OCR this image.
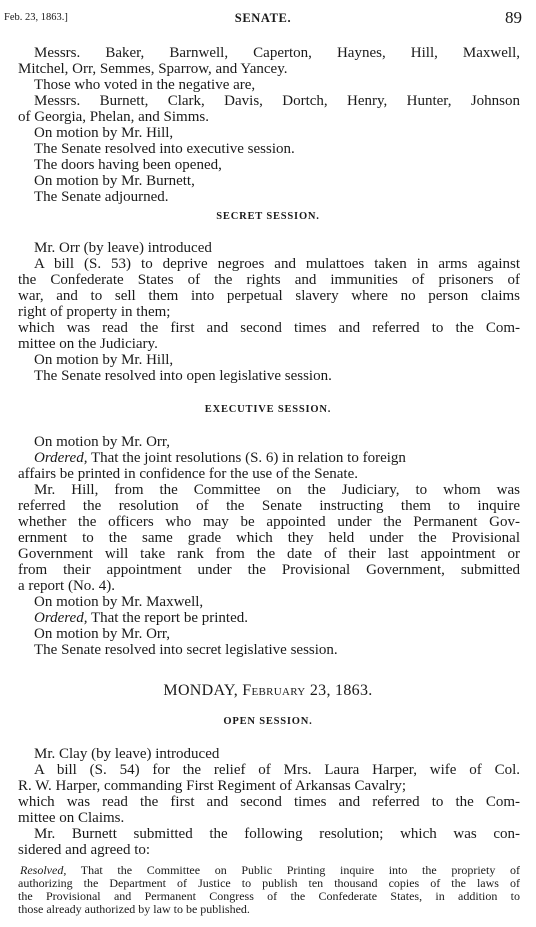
Feb. 23, 1863.]	SENATE.	89
Messrs. Baker, Barnwell, Caperton, Haynes, Hill, Maxwell,
Mitchel, Orr, Semmes, Sparrow, and Yancey.
Those who voted in the negative are,
Messrs. Burnett, Clark, Davis, Dortch, Henry, Hunter, Johnson
of Georgia, Phelan, and Simms.
On motion by Mr. Hill,
The Senate resolved into executive session.
The doors having been opened,
On motion by Mr. Burnett,
The Senate adjourned.
SECRET SESSION.
Mr. Orr (by leave) introduced
A bill (S. 53) to deprive negroes and mulattoes taken in arms against
the Confederate States of the rights and immunities of prisoners of
war, and to sell them into perpetual slavery where no person claims
right of property in them;
which was read the first and second times and referred to the Com-
mittee on the Judiciary.
On motion by Mr. Hill,
The Senate resolved into open legislative session.
EXECUTIVE SESSION.
On motion by Mr. Orr,
Ordered, That the joint resolutions (S. 6) in relation to foreign
affairs be printed in confidence for the use of the Senate.
Mr. Hill, from the Committee on the Judiciary, to whom was
referred the resolution of the Senate instructing them to inquire
whether the officers who may be appointed under the Permanent Gov-
ernment to the same grade which they held under the Provisional
Government will take rank from the date of their last appointment or
from their appointment under the Provisional Government, submitted
a report (No. 4).
On motion by Mr. Maxwell,
Ordered, That the report be printed.
On motion by Mr. Orr,
The Senate resolved into secret legislative session.
MONDAY, February 23, 1863.
OPEN SESSION.
Mr. Clay (by leave) introduced
A bill (S. 54) for the relief of Mrs. Laura Harper, wife of Col.
R. W. Harper, commanding First Regiment of Arkansas Cavalry;
which was read the first and second times and referred to the Com-
mittee on Claims.
Mr. Burnett submitted the following resolution; which was con-
sidered and agreed to:
Resolved, That the Committee on Public Printing inquire into the propriety of
authorizing the Department of Justice to publish ten thousand copies of the laws of
the Provisional and Permanent Congress of the Confederate States, in addition to
those already authorized by law to be published.
